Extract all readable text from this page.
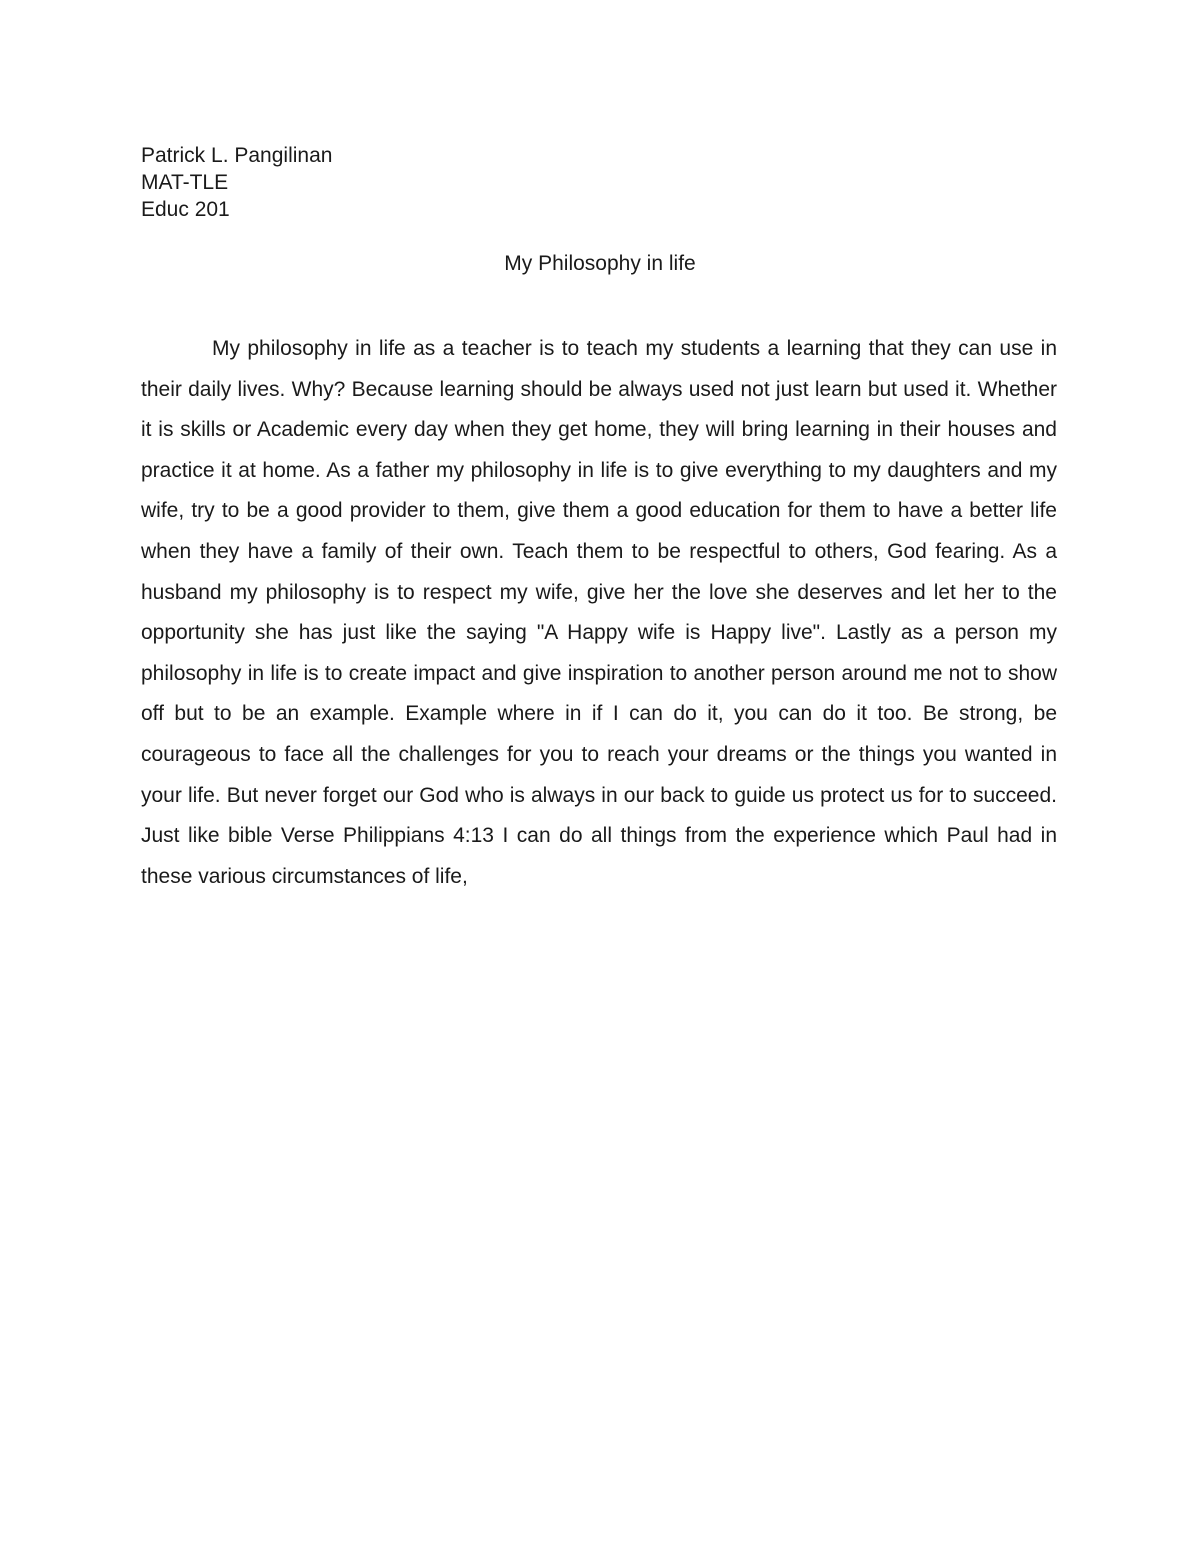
Patrick L. Pangilinan
MAT-TLE
Educ 201
My Philosophy in life

My philosophy in life as a teacher is to teach my students a learning that they can use in their daily lives. Why? Because learning should be always used not just learn but used it. Whether it is skills or Academic every day when they get home, they will bring learning in their houses and practice it at home. As a father my philosophy in life is to give everything to my daughters and my wife, try to be a good provider to them, give them a good education for them to have a better life when they have a family of their own. Teach them to be respectful to others, God fearing. As a husband my philosophy is to respect my wife, give her the love she deserves and let her to the opportunity she has just like the saying "A Happy wife is Happy live". Lastly as a person my philosophy in life is to create impact and give inspiration to another person around me not to show off but to be an example. Example where in if I can do it, you can do it too. Be strong, be courageous to face all the challenges for you to reach your dreams or the things you wanted in your life. But never forget our God who is always in our back to guide us protect us for to succeed. Just like bible Verse Philippians 4:13 I can do all things from the experience which Paul had in these various circumstances of life,
